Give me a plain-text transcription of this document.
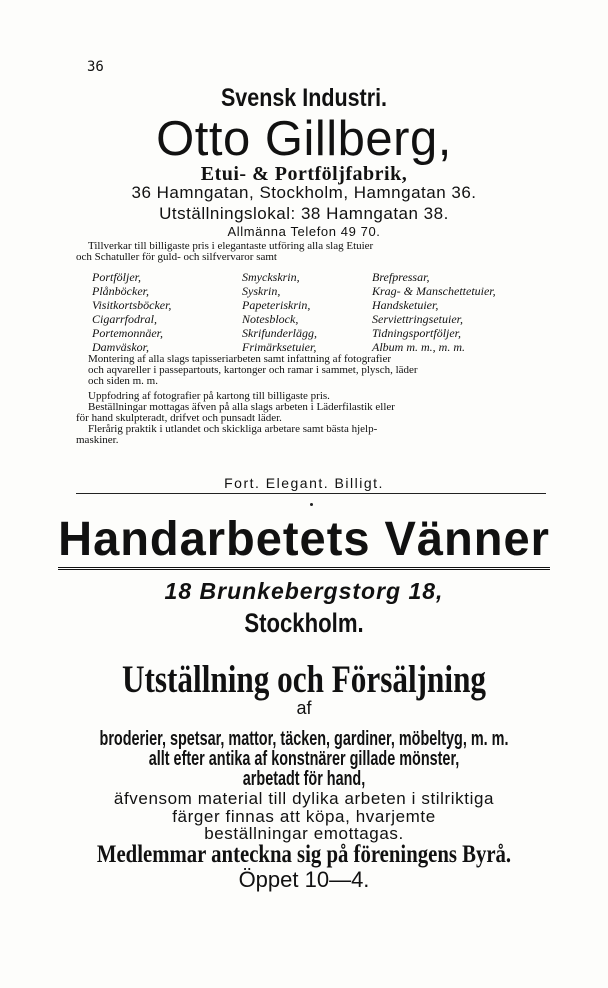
36
Svensk Industri.
Otto Gillberg,
Etui- & Portföljfabrik,
36 Hamngatan, Stockholm, Hamngatan 36.
Utställningslokal: 38 Hamngatan 38.
Allmänna Telefon 49 70.
Tillverkar till billigaste pris i elegantaste utföring alla slag Etuier
och Schatuller för guld- och silfvervaror samt
Portföljer,	Smyckskrin,	Brefpressar,
Plånböcker,	Syskrin,	Krag- & Manschettetuier,
Visitkortsböcker,	Papeteriskrin,	Handsketuier,
Cigarrfodral,	Notesblock,	Serviettringsetuier,
Portemonnäer,	Skrifunderlägg,	Tidningsportföljer,
Damväskor,	Frimärksetuier,	Album m. m., m. m.
Montering af alla slags tapisseriarbeten samt infattning af fotografier
och aqvareller i passepartouts, kartonger och ramar i sammet, plysch, läder
och siden m. m.
Uppfodring af fotografier på kartong till billigaste pris.
Beställningar mottagas äfven på alla slags arbeten i Läderfilastik eller
för hand skulpteradt, drifvet och punsadt läder.
Flerårig praktik i utlandet och skickliga arbetare samt bästa hjelp-
maskiner.
Fort. Elegant. Billigt.
Handarbetets Vänner
18 Brunkebergstorg 18,
Stockholm.
Utställning och Försäljning
af
broderier, spetsar, mattor, täcken, gardiner, möbeltyg, m. m.
allt efter antika af konstnärer gillade mönster,
arbetadt för hand,
äfvensom material till dylika arbeten i stilriktiga
färger finnas att köpa, hvarjemte
beställningar emottagas.
Medlemmar anteckna sig på föreningens Byrå.
Öppet 10—4.
